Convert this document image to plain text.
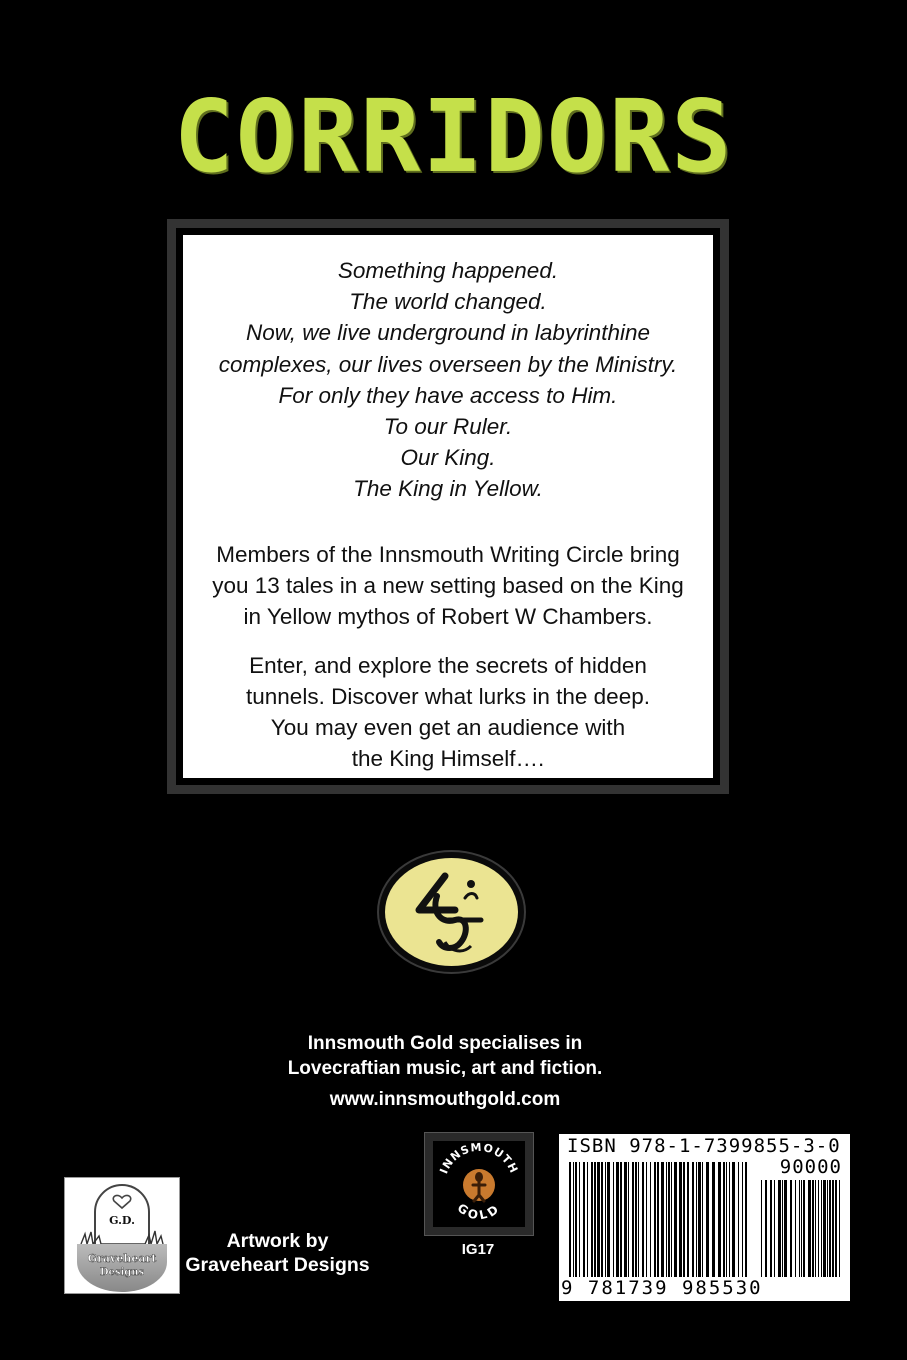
CORRIDORS
Something happened.
The world changed.
Now, we live underground in labyrinthine
complexes, our lives overseen by the Ministry.
For only they have access to Him.
To our Ruler.
Our King.
The King in Yellow.
Members of the Innsmouth Writing Circle bring
you 13 tales in a new setting based on the King
in Yellow mythos of Robert W Chambers.
Enter, and explore the secrets of hidden
tunnels. Discover what lurks in the deep.
You may even get an audience with
the King Himself….
Innsmouth Gold specialises in
Lovecraftian music, art and fiction.
www.innsmouthgold.com
G.D.
Graveheart
Designs
Artwork by
Graveheart Designs
INNSMOUTH
GOLD
IG17
ISBN 978-1-7399855-3-0
90000
9 781739 985530
